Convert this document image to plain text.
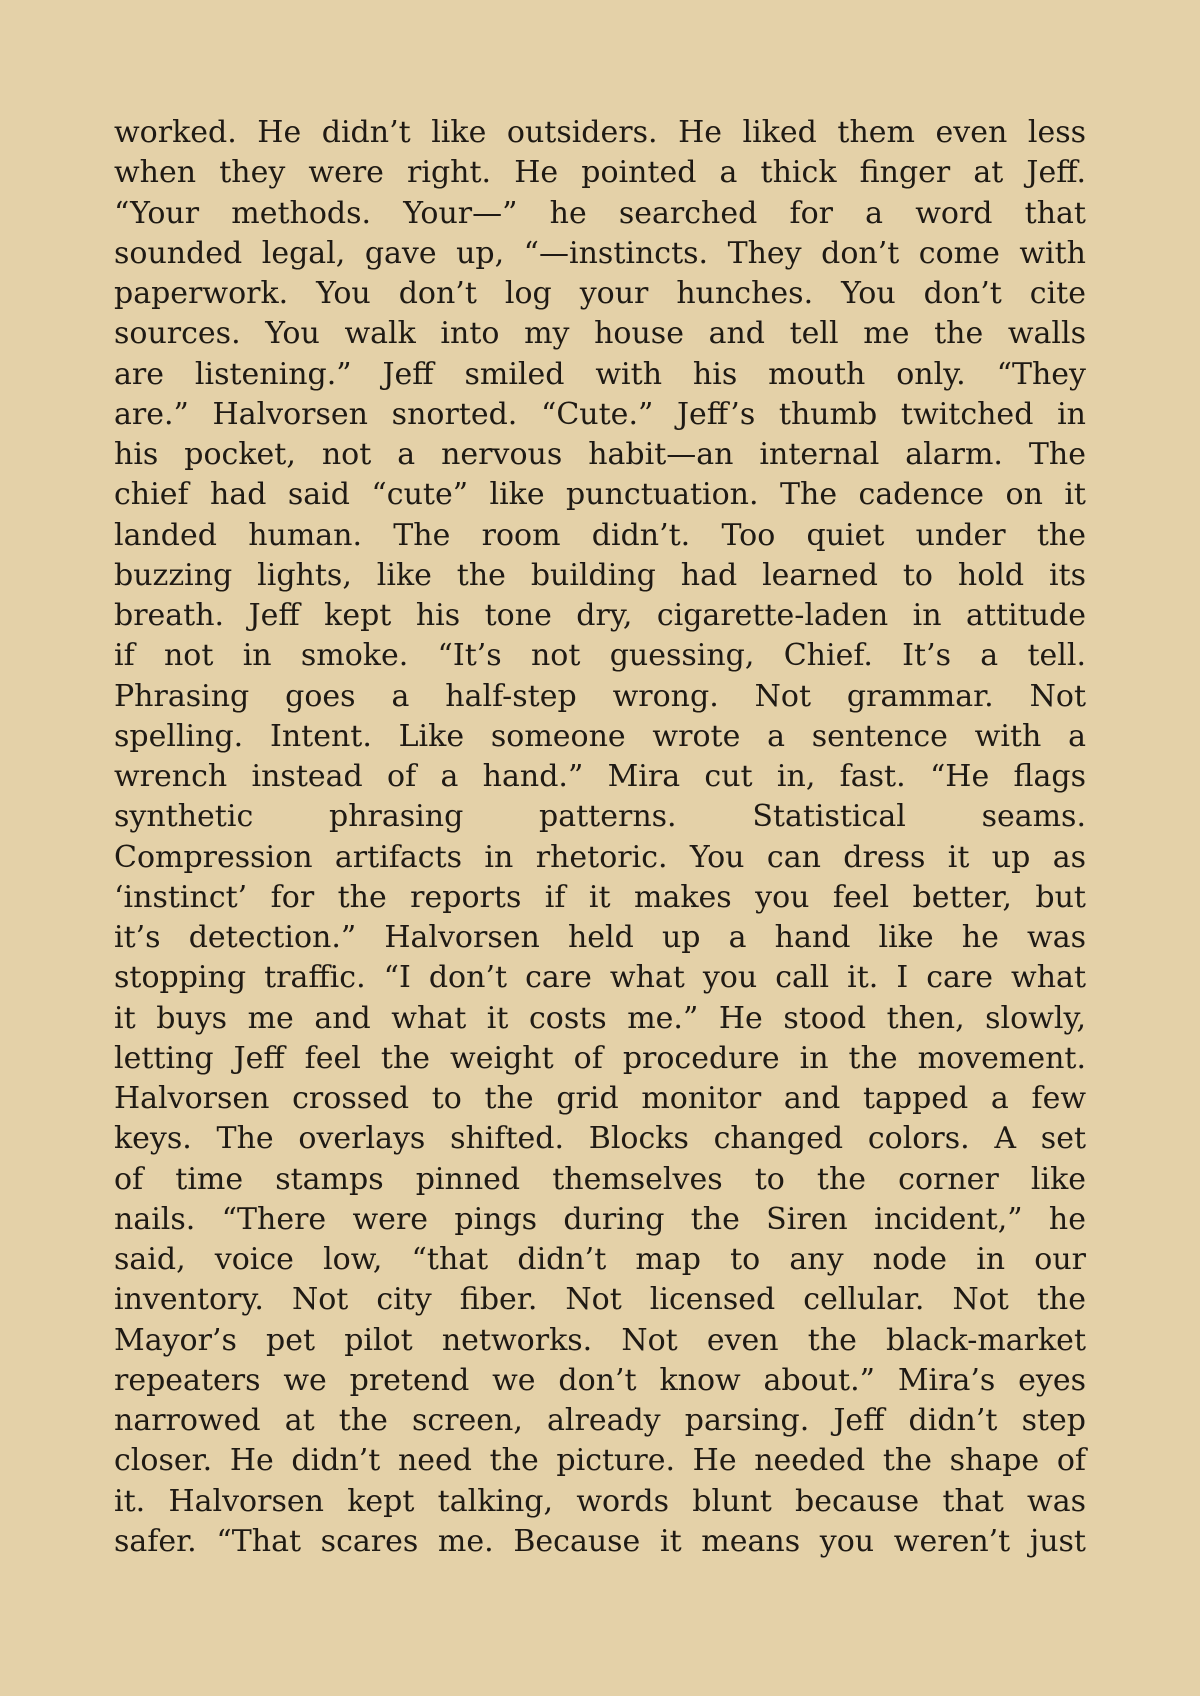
worked. He didn’t like outsiders. He liked them even less
when they were right. He pointed a thick finger at Jeff.
“Your methods. Your—” he searched for a word that
sounded legal, gave up, “—instincts. They don’t come with
paperwork. You don’t log your hunches. You don’t cite
sources. You walk into my house and tell me the walls
are listening.” Jeff smiled with his mouth only. “They
are.” Halvorsen snorted. “Cute.” Jeff’s thumb twitched in
his pocket, not a nervous habit—an internal alarm. The
chief had said “cute” like punctuation. The cadence on it
landed human. The room didn’t. Too quiet under the
buzzing lights, like the building had learned to hold its
breath. Jeff kept his tone dry, cigarette-laden in attitude
if not in smoke. “It’s not guessing, Chief. It’s a tell.
Phrasing goes a half-step wrong. Not grammar. Not
spelling. Intent. Like someone wrote a sentence with a
wrench instead of a hand.” Mira cut in, fast. “He flags
synthetic phrasing patterns. Statistical seams.
Compression artifacts in rhetoric. You can dress it up as
‘instinct’ for the reports if it makes you feel better, but
it’s detection.” Halvorsen held up a hand like he was
stopping traffic. “I don’t care what you call it. I care what
it buys me and what it costs me.” He stood then, slowly,
letting Jeff feel the weight of procedure in the movement.
Halvorsen crossed to the grid monitor and tapped a few
keys. The overlays shifted. Blocks changed colors. A set
of time stamps pinned themselves to the corner like
nails. “There were pings during the Siren incident,” he
said, voice low, “that didn’t map to any node in our
inventory. Not city fiber. Not licensed cellular. Not the
Mayor’s pet pilot networks. Not even the black-market
repeaters we pretend we don’t know about.” Mira’s eyes
narrowed at the screen, already parsing. Jeff didn’t step
closer. He didn’t need the picture. He needed the shape of
it. Halvorsen kept talking, words blunt because that was
safer. “That scares me. Because it means you weren’t just
